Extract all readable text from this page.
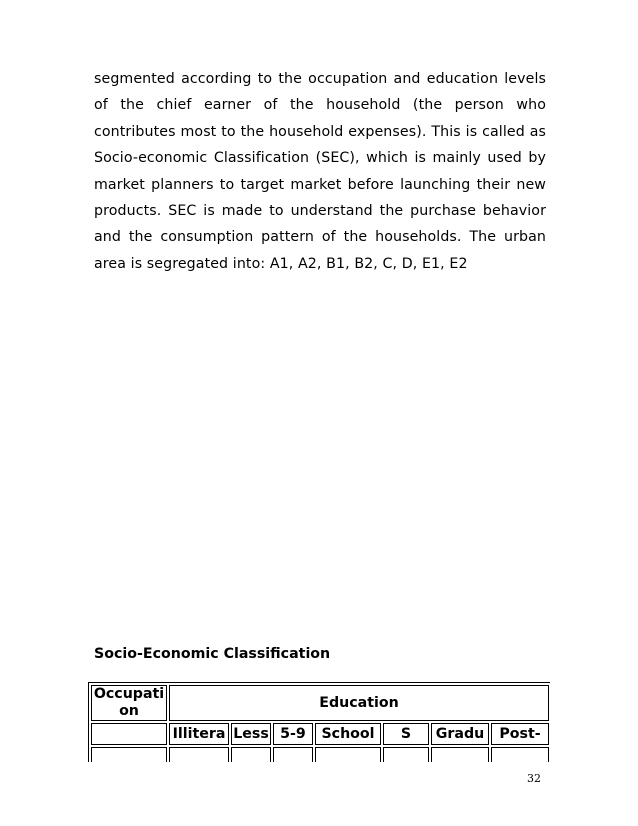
segmented according to the occupation and education levels of the chief earner of the household (the person who contributes most to the household expenses). This is called as Socio-economic Classification (SEC), which is mainly used by market planners to target market before launching their new products. SEC is made to understand the purchase behavior and the consumption pattern of the households. The urban area is segregated into: A1, A2, B1, B2, C, D, E1, E2

Socio-Economic Classification
Occupation	Education						
	Illitera	Less	5-9	School	S	Gradu	Post-

32
